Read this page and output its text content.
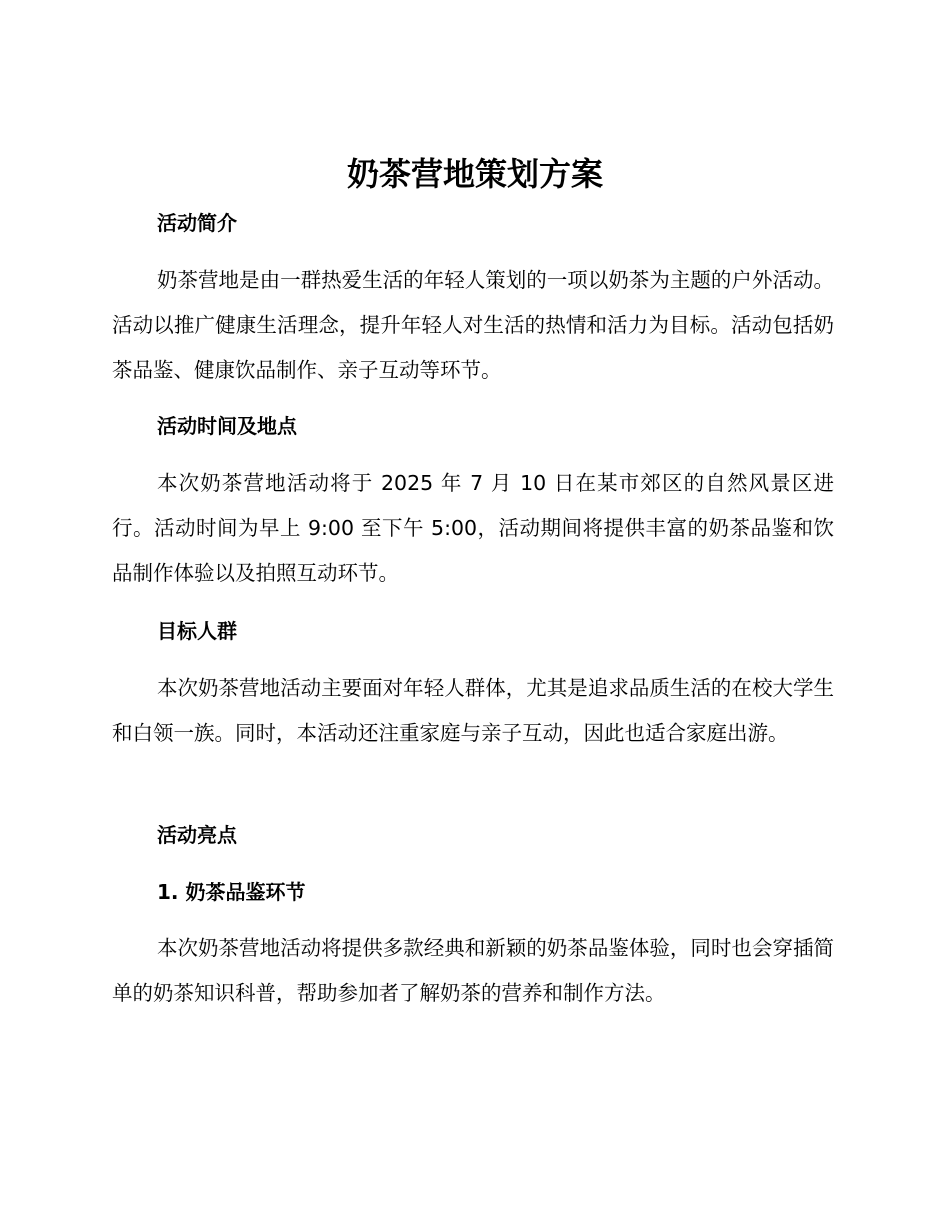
奶茶营地策划方案
活动简介

奶茶营地是由一群热爱生活的年轻人策划的一项以奶茶为主题的户外活动。活动以推广健康生活理念，提升年轻人对生活的热情和活力为目标。活动包括奶茶品鉴、健康饮品制作、亲子互动等环节。

活动时间及地点

本次奶茶营地活动将于 2025 年 7 月 10 日在某市郊区的自然风景区进行。活动时间为早上 9:00 至下午 5:00，活动期间将提供丰富的奶茶品鉴和饮品制作体验以及拍照互动环节。

目标人群

本次奶茶营地活动主要面对年轻人群体，尤其是追求品质生活的在校大学生和白领一族。同时，本活动还注重家庭与亲子互动，因此也适合家庭出游。

活动亮点
1. 奶茶品鉴环节

本次奶茶营地活动将提供多款经典和新颖的奶茶品鉴体验，同时也会穿插简单的奶茶知识科普，帮助参加者了解奶茶的营养和制作方法。
